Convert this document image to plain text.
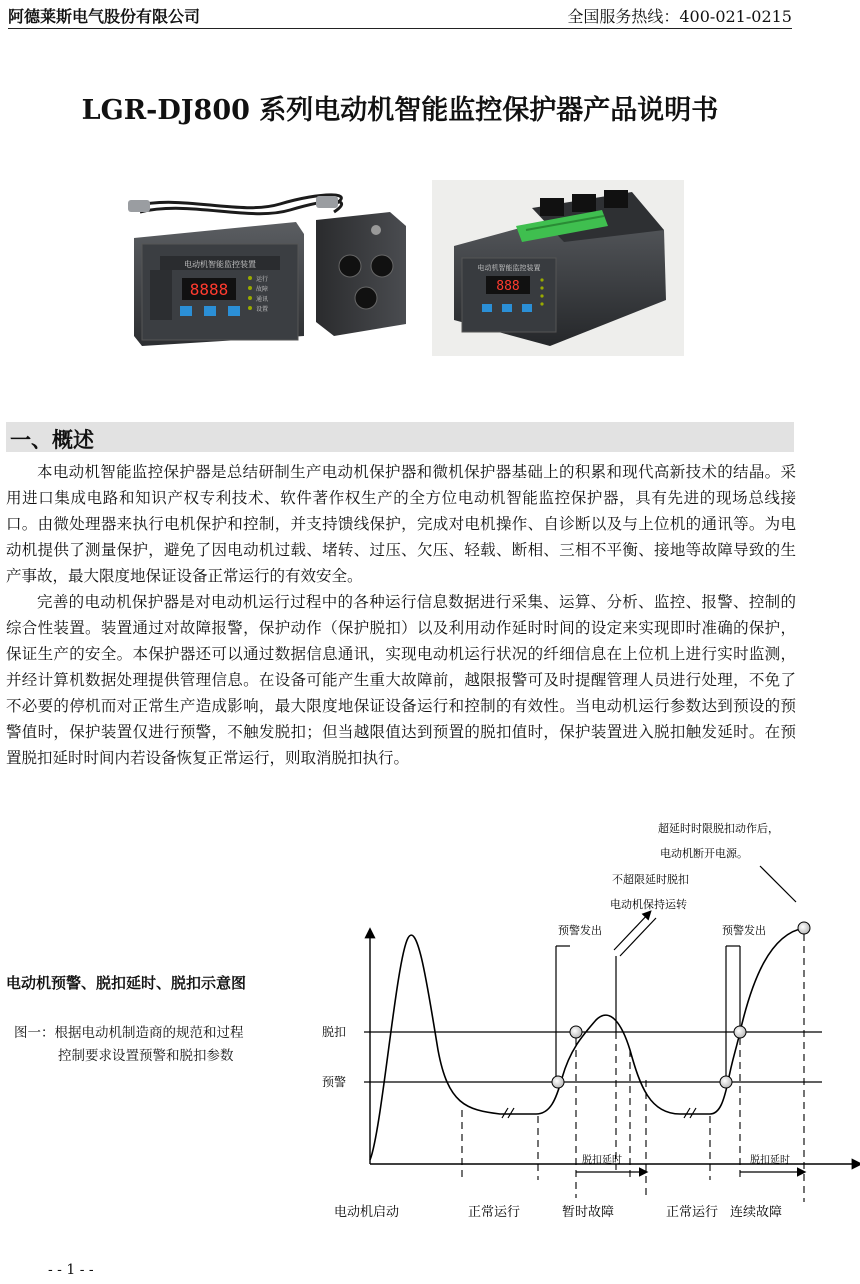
阿德莱斯电气股份有限公司	全国服务热线：400-021-0215
LGR-DJ800 系列电动机智能监控保护器产品说明书
电动机智能监控装置
8888
运行
故障
通讯
设置
电动机智能监控装置
888
一、概述

本电动机智能监控保护器是总结研制生产电动机保护器和微机保护器基础上的积累和现代高新技术的结晶。采用进口集成电路和知识产权专利技术、软件著作权生产的全方位电动机智能监控保护器，具有先进的现场总线接口。由微处理器来执行电机保护和控制，并支持馈线保护，完成对电机操作、自诊断以及与上位机的通讯等。为电动机提供了测量保护，避免了因电动机过载、堵转、过压、欠压、轻载、断相、三相不平衡、接地等故障导致的生产事故，最大限度地保证设备正常运行的有效安全。

完善的电动机保护器是对电动机运行过程中的各种运行信息数据进行采集、运算、分析、监控、报警、控制的综合性装置。装置通过对故障报警，保护动作（保护脱扣）以及利用动作延时时间的设定来实现即时准确的保护，保证生产的安全。本保护器还可以通过数据信息通讯，实现电动机运行状况的纤细信息在上位机上进行实时监测，并经计算机数据处理提供管理信息。在设备可能产生重大故障前，越限报警可及时提醒管理人员进行处理，不免了不必要的停机而对正常生产造成影响，最大限度地保证设备运行和控制的有效性。当电动机运行参数达到预设的预警值时，保护装置仅进行预警，不触发脱扣；但当越限值达到预置的脱扣值时，保护装置进入脱扣触发延时。在预置脱扣延时时间内若设备恢复正常运行，则取消脱扣执行。

电动机预警、脱扣延时、脱扣示意图
图一：根据电动机制造商的规范和过程
控制要求设置预警和脱扣参数
超延时时限脱扣动作后，
电动机断开电源。
不超限延时脱扣
电动机保持运转
预警发出	预警发出
脱扣
预警
脱扣延时	脱扣延时
电动机启动	正常运行	暂时故障	正常运行 连续故障
- - 1 - -
